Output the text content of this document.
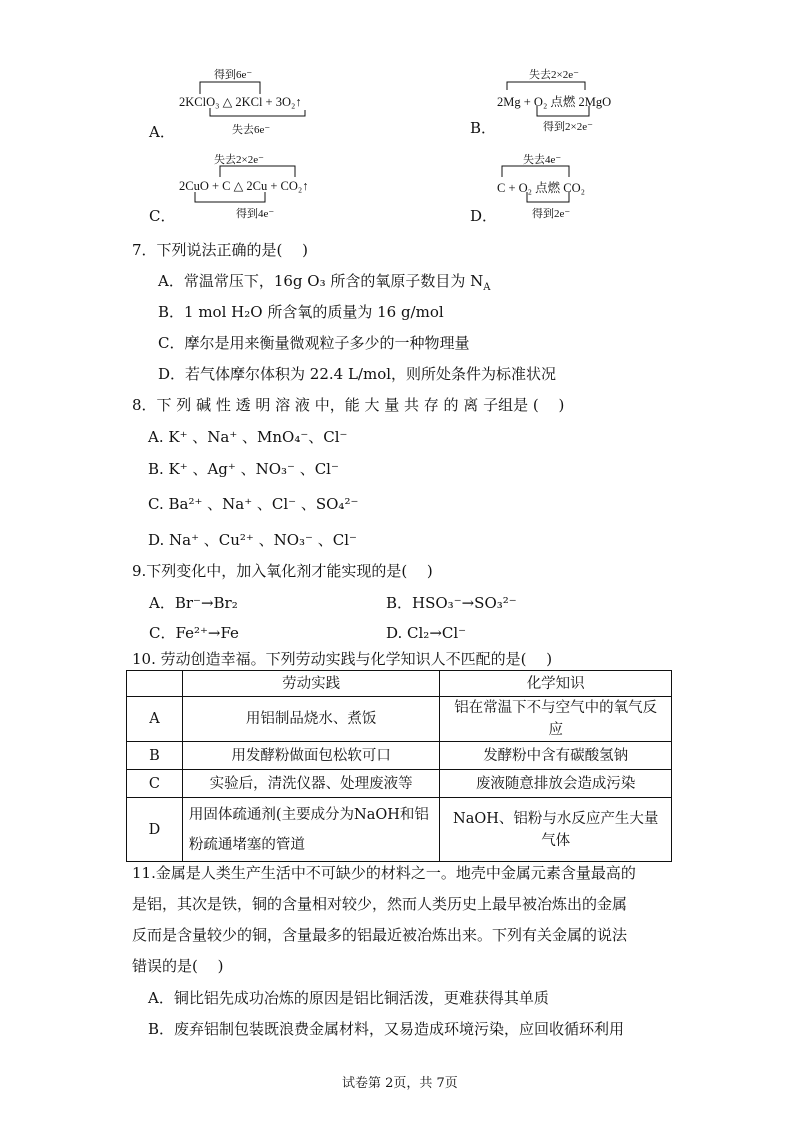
A．
得到6e⁻
2KClO₃ △ 2KCl + 3O₂↑
失去6e⁻	B．
失去2×2e⁻
2Mg + O₂ 点燃 2MgO
得到2×2e⁻
C．
失去2×2e⁻
2CuO + C △ 2Cu + CO₂↑
得到4e⁻	D．
失去4e⁻
C + O₂ 点燃 CO₂
得到2e⁻
7．下列说法正确的是(　 )
A．常温常压下，16g O₃ 所含的氧原子数目为 $N_A$
B．1 mol H₂O 所含氧的质量为 16 g/mol
C．摩尔是用来衡量微观粒子多少的一种物理量
D．若气体摩尔体积为 22.4 L/mol，则所处条件为标准状况
8．下 列 碱 性 透 明 溶 液 中，能 大 量 共 存 的 离 子组是 (　 )
A. K⁺ 、Na⁺ 、MnO₄⁻、Cl⁻
B. K⁺ 、Ag⁺ 、NO₃⁻ 、Cl⁻
C. Ba²⁺ 、Na⁺ 、Cl⁻ 、SO₄²⁻
D. Na⁺ 、Cu²⁺ 、NO₃⁻ 、Cl⁻
9.下列变化中，加入氧化剂才能实现的是(　 )
A．Br⁻→Br₂	B．HSO₃⁻→SO₃²⁻
C．Fe²⁺→Fe	D. Cl₂→Cl⁻
10. 劳动创造幸福。下列劳动实践与化学知识人不匹配的是(　 )
	劳动实践	化学知识
A	用铝制品烧水、煮饭	铝在常温下不与空气中的氧气反应
B	用发酵粉做面包松软可口	发酵粉中含有碳酸氢钠
C	实验后，清洗仪器、处理废液等	废液随意排放会造成污染
D	用固体疏通剂(主要成分为NaOH和铝粉疏通堵塞的管道	NaOH、铝粉与水反应产生大量气体
11.金属是人类生产生活中不可缺少的材料之一。地壳中金属元素含量最高的
是铝，其次是铁，铜的含量相对较少，然而人类历史上最早被冶炼出的金属
反而是含量较少的铜，含量最多的铝最近被冶炼出来。下列有关金属的说法
错误的是(　 )
A．铜比铝先成功冶炼的原因是铝比铜活泼，更难获得其单质
B．废弃铝制包装既浪费金属材料，又易造成环境污染，应回收循环利用
试卷第 2页，共 7页
